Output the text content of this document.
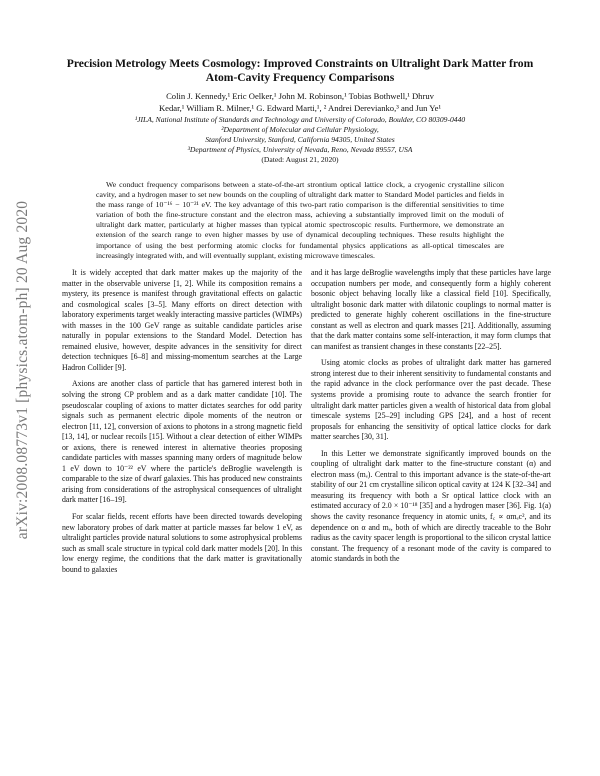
arXiv:2008.08773v1 [physics.atom-ph] 20 Aug 2020
Precision Metrology Meets Cosmology: Improved Constraints on Ultralight Dark Matter from Atom-Cavity Frequency Comparisons
Colin J. Kennedy,¹ Eric Oelker,¹ John M. Robinson,¹ Tobias Bothwell,¹ Dhruv
Kedar,¹ William R. Milner,¹ G. Edward Marti,¹, ² Andrei Derevianko,³ and Jun Ye¹
¹JILA, National Institute of Standards and Technology and University of Colorado, Boulder, CO 80309-0440
²Department of Molecular and Cellular Physiology,
Stanford University, Stanford, California 94305, United States
³Department of Physics, University of Nevada, Reno, Nevada 89557, USA
(Dated: August 21, 2020)
We conduct frequency comparisons between a state-of-the-art strontium optical lattice clock, a cryogenic crystalline silicon cavity, and a hydrogen maser to set new bounds on the coupling of ultralight dark matter to Standard Model particles and fields in the mass range of 10⁻¹⁶ − 10⁻²¹ eV. The key advantage of this two-part ratio comparison is the differential sensitivities to time variation of both the fine-structure constant and the electron mass, achieving a substantially improved limit on the moduli of ultralight dark matter, particularly at higher masses than typical atomic spectroscopic results. Furthermore, we demonstrate an extension of the search range to even higher masses by use of dynamical decoupling techniques. These results highlight the importance of using the best performing atomic clocks for fundamental physics applications as all-optical timescales are increasingly integrated with, and will eventually supplant, existing microwave timescales.

It is widely accepted that dark matter makes up the majority of the matter in the observable universe [1, 2]. While its composition remains a mystery, its presence is manifest through gravitational effects on galactic and cosmological scales [3–5]. Many efforts on direct detection with laboratory experiments target weakly interacting massive particles (WIMPs) with masses in the 100 GeV range as suitable candidate particles arise naturally in popular extensions to the Standard Model. Detection has remained elusive, however, despite advances in the sensitivity for direct detection techniques [6–8] and missing-momentum searches at the Large Hadron Collider [9].

Axions are another class of particle that has garnered interest both in solving the strong CP problem and as a dark matter candidate [10]. The pseudoscalar coupling of axions to matter dictates searches for odd parity signals such as permanent electric dipole moments of the neutron or electron [11, 12], conversion of axions to photons in a strong magnetic field [13, 14], or nuclear recoils [15]. Without a clear detection of either WIMPs or axions, there is renewed interest in alternative theories proposing candidate particles with masses spanning many orders of magnitude below 1 eV down to 10⁻²² eV where the particle's deBroglie wavelength is comparable to the size of dwarf galaxies. This has produced new constraints arising from considerations of the astrophysical consequences of ultralight dark matter [16–19].

For scalar fields, recent efforts have been directed towards developing new laboratory probes of dark matter at particle masses far below 1 eV, as ultralight particles provide natural solutions to some astrophysical problems such as small scale structure in typical cold dark matter models [20]. In this low energy regime, the conditions that the dark matter is gravitationally bound to galaxies

and it has large deBroglie wavelengths imply that these particles have large occupation numbers per mode, and consequently form a highly coherent bosonic object behaving locally like a classical field [10]. Specifically, ultralight bosonic dark matter with dilatonic couplings to normal matter is predicted to generate highly coherent oscillations in the fine-structure constant as well as electron and quark masses [21]. Additionally, assuming that the dark matter contains some self-interaction, it may form clumps that can manifest as transient changes in these constants [22–25].

Using atomic clocks as probes of ultralight dark matter has garnered strong interest due to their inherent sensitivity to fundamental constants and the rapid advance in the clock performance over the past decade. These systems provide a promising route to advance the search frontier for ultralight dark matter particles given a wealth of historical data from global timescale systems [25–29] including GPS [24], and a host of recent proposals for enhancing the sensitivity of optical lattice clocks for dark matter searches [30, 31].

In this Letter we demonstrate significantly improved bounds on the coupling of ultralight dark matter to the fine-structure constant (α) and electron mass (mₑ). Central to this important advance is the state-of-the-art stability of our 21 cm crystalline silicon optical cavity at 124 K [32–34] and measuring its frequency with both a Sr optical lattice clock with an estimated accuracy of 2.0 × 10⁻¹⁸ [35] and a hydrogen maser [36]. Fig. 1(a) shows the cavity resonance frequency in atomic units, f꜀ ∝ αmₑc², and its dependence on α and mₑ, both of which are directly traceable to the Bohr radius as the cavity spacer length is proportional to the silicon crystal lattice constant. The frequency of a resonant mode of the cavity is compared to atomic standards in both the
